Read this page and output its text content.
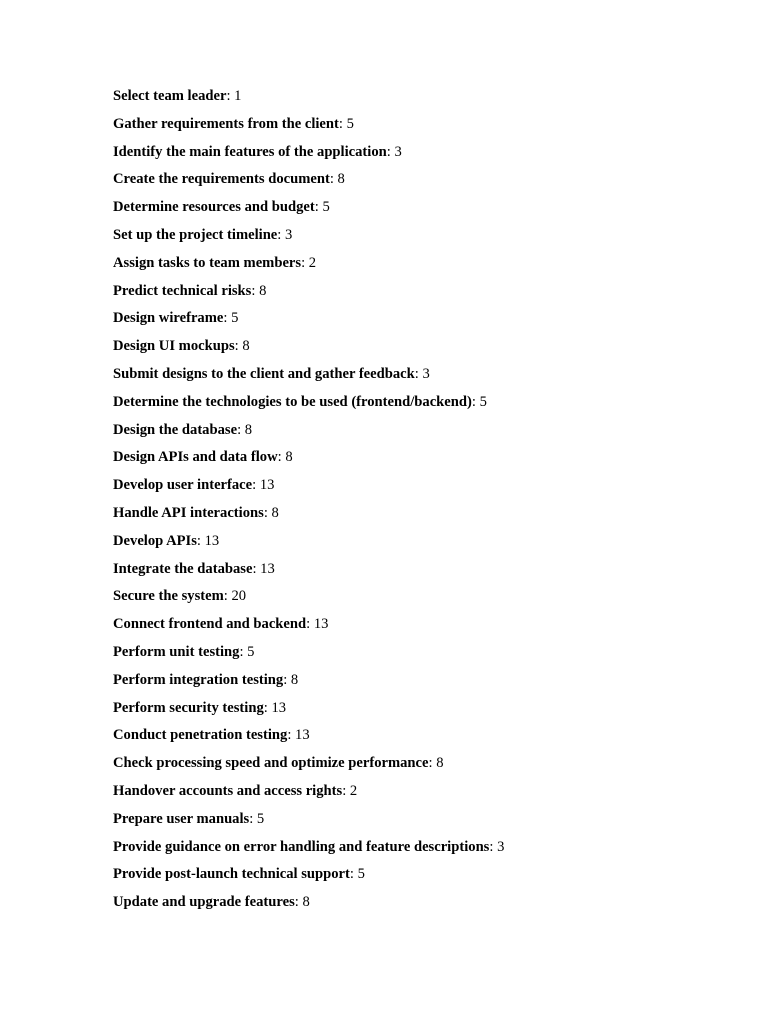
Select team leader: 1
Gather requirements from the client: 5
Identify the main features of the application: 3
Create the requirements document: 8
Determine resources and budget: 5
Set up the project timeline: 3
Assign tasks to team members: 2
Predict technical risks: 8
Design wireframe: 5
Design UI mockups: 8
Submit designs to the client and gather feedback: 3
Determine the technologies to be used (frontend/backend): 5
Design the database: 8
Design APIs and data flow: 8
Develop user interface: 13
Handle API interactions: 8
Develop APIs: 13
Integrate the database: 13
Secure the system: 20
Connect frontend and backend: 13
Perform unit testing: 5
Perform integration testing: 8
Perform security testing: 13
Conduct penetration testing: 13
Check processing speed and optimize performance: 8
Handover accounts and access rights: 2
Prepare user manuals: 5
Provide guidance on error handling and feature descriptions: 3
Provide post-launch technical support: 5
Update and upgrade features: 8
